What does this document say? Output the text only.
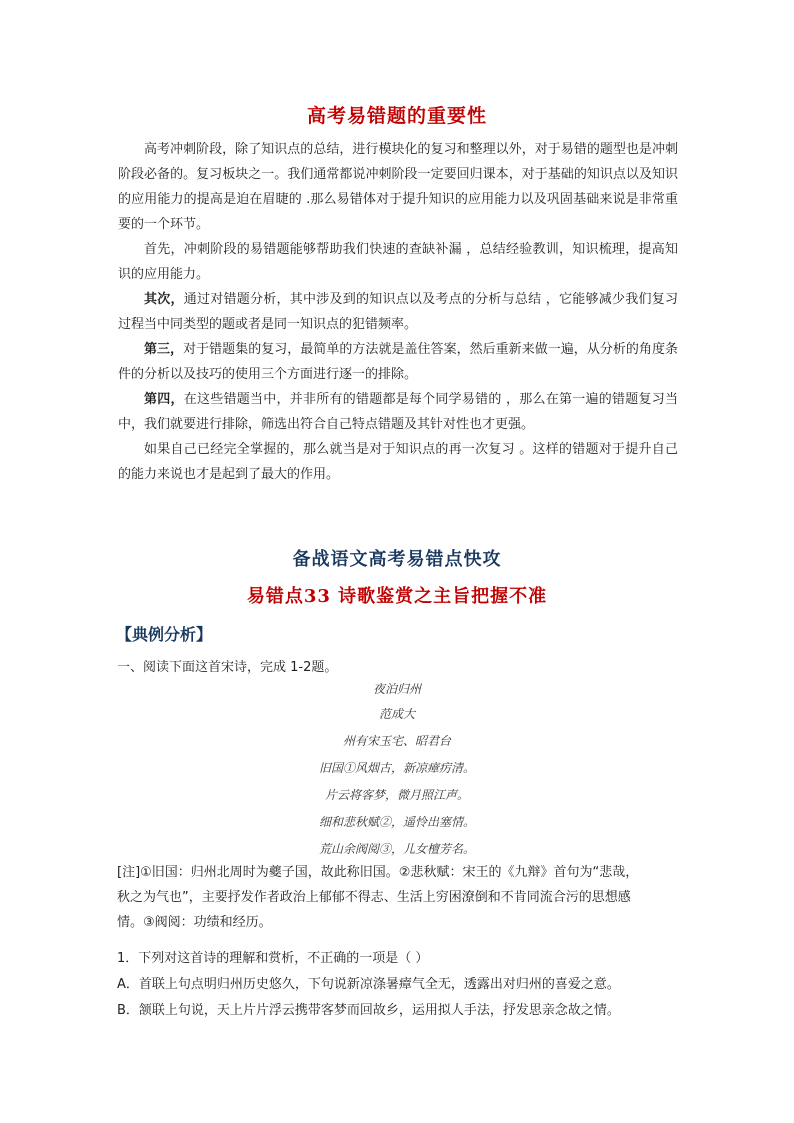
高考易错题的重要性

高考冲刺阶段，除了知识点的总结，进行模块化的复习和整理以外，对于易错的题型也是冲刺阶段必备的。复习板块之一。我们通常都说冲刺阶段一定要回归课本，对于基础的知识点以及知识的应用能力的提高是迫在眉睫的 .那么易错体对于提升知识的应用能力以及巩固基础来说是非常重要的一个环节。

首先，冲刺阶段的易错题能够帮助我们快速的查缺补漏 ，总结经验教训，知识梳理，提高知识的应用能力。

其次，通过对错题分析，其中涉及到的知识点以及考点的分析与总结 ，它能够减少我们复习过程当中同类型的题或者是同一知识点的犯错频率。

第三，对于错题集的复习，最简单的方法就是盖住答案，然后重新来做一遍，从分析的角度条件的分析以及技巧的使用三个方面进行逐一的排除。

第四，在这些错题当中，并非所有的错题都是每个同学易错的 ，那么在第一遍的错题复习当中，我们就要进行排除，筛选出符合自己特点错题及其针对性也才更强。

如果自己已经完全掌握的，那么就当是对于知识点的再一次复习 。这样的错题对于提升自己的能力来说也才是起到了最大的作用。

备战语文高考易错点快攻
易错点33 诗歌鉴赏之主旨把握不准
【典例分析】
一、阅读下面这首宋诗，完成 1-2题。
夜泊归州
范成大
州有宋玉宅、昭君台
旧国①风烟古，新凉瘴疠清。
片云将客梦，微月照江声。
细和悲秋赋②，遥怜出塞情。
荒山余阀阅③，儿女檀芳名。

[注]①旧国：归州北周时为夔子国，故此称旧国。②悲秋赋：宋王的《九辩》首句为“悲哉，

秋之为气也”，主要抒发作者政治上郁郁不得志、生活上穷困潦倒和不肯同流合污的思想感

情。③阀阅：功绩和经历。

1．下列对这首诗的理解和赏析，不正确的一项是（ ）
A．首联上句点明归州历史悠久，下句说新凉涤暑瘴气全无，透露出对归州的喜爱之意。
B．颔联上句说，天上片片浮云携带客梦而回故乡，运用拟人手法，抒发思亲念故之情。
